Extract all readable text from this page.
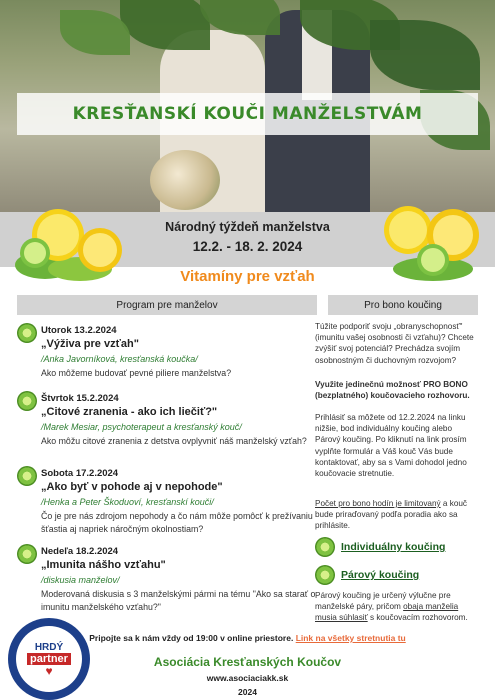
KRESŤANSKÍ KOUČI MANŽELSTVÁM
Národný týždeň manželstva
12.2. - 18. 2. 2024
Vitamíny pre vzťah
Program pre manželov	Pro bono koučing
Utorok 13.2.2024
„Výživa pre vzťah"
/Anka Javorníková, kresťanská koučka/
Ako môžeme budovať pevné piliere manželstva?
Štvrtok 15.2.2024
„Citové zranenia - ako ich liečiť?"
/Marek Mesiar, psychoterapeut a kresťanský kouč/
Ako môžu citové zranenia z detstva ovplyvniť náš manželský vzťah?
Sobota 17.2.2024
„Ako byť v pohode aj v nepohode"
/Henka a Peter Škoduoví, kresťanskí kouči/
Čo je pre nás zdrojom nepohody a čo nám môže pomôcť k prežívaniu šťastia aj napriek náročným okolnostiam?
Nedeľa 18.2.2024
„Imunita nášho vzťahu"
/diskusia manželov/
Moderovaná diskusia s 3 manželskými pármi na tému "Ako sa starať o imunitu manželského vzťahu?"
Túžite podporiť svoju „obranyschopnosť" (imunitu vašej osobnosti či vzťahu)? Chcete zvýšiť svoj potenciál? Prechádza svojím osobnostným či duchovným rozvojom?
Využite jedinečnú možnosť PRO BONO (bezplatného) koučovacieho rozhovoru.
Prihlásiť sa môžete od 12.2.2024 na linku nižšie, bod individuálny koučing alebo Párový koučing. Po kliknutí na link prosím vyplňte formulár a Váš kouč Vás bude kontaktovať, aby sa s Vami dohodol jedno koučovacie stretnutie.
Počet pro bono hodín je limitovaný a kouč bude priraďovaný podľa poradia ako sa prihlásite.
Individuálny koučing
Párový koučing
Párový koučing je určený výlučne pre manželské páry, pričom obaja manželia musia súhlasiť s koučovacím rozhovorom.
Pripojte sa k nám vždy od 19:00 v online priestore. Link na všetky stretnutia tu
Asociácia Kresťanských Koučov
www.asociaciakk.sk
2024
HRDÝ
partner
♥
